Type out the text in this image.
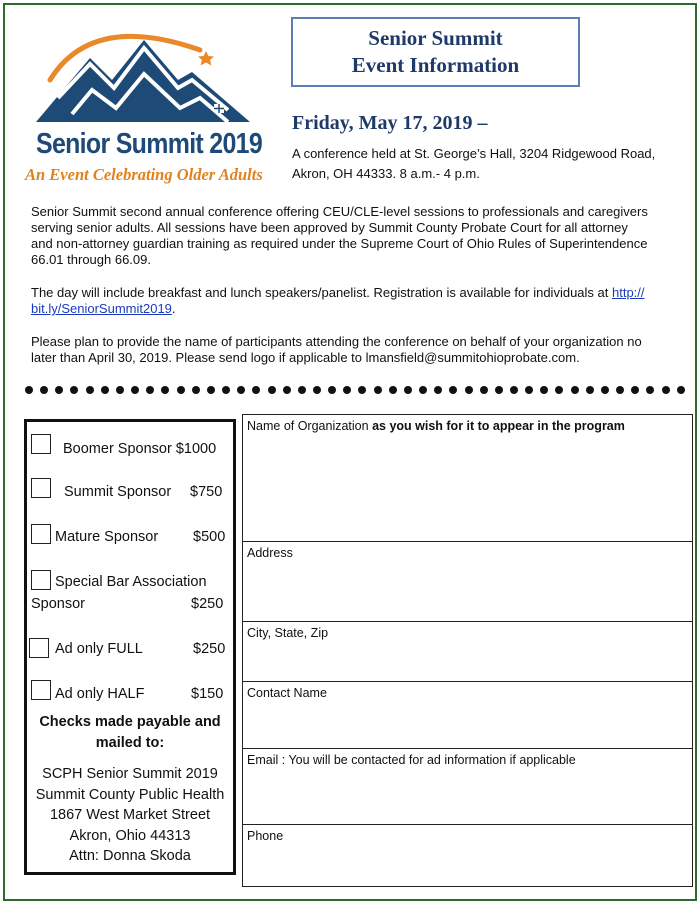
Senior Summit 2019
An Event Celebrating Older Adults
Senior Summit
Event Information
Friday, May 17, 2019 –
A conference held at St. George’s Hall, 3204 Ridgewood Road,
Akron, OH 44333. 8 a.m.- 4 p.m.
Senior Summit second annual conference offering CEU/CLE-level sessions to professionals and caregivers
serving senior adults. All sessions have been approved by Summit County Probate Court for all attorney
and non-attorney guardian training as required under the Supreme Court of Ohio Rules of Superintendence
66.01 through 66.09.
The day will include breakfast and lunch speakers/panelist. Registration is available for individuals at http://
bit.ly/SeniorSummit2019.
Please plan to provide the name of participants attending the conference on behalf of your organization no
later than April 30, 2019. Please send logo if applicable to lmansfield@summitohioprobate.com.
Boomer Sponsor $1000
Summit Sponsor $750
Mature Sponsor $500
Special Bar Association
Sponsor	$250
Ad only FULL	$250
Ad only HALF	$150
Checks made payable and
mailed to:
SCPH Senior Summit 2019
Summit County Public Health
1867 West Market Street
Akron, Ohio 44313
Attn: Donna Skoda
Name of Organization as you wish for it to appear in the program
Address
City, State, Zip
Contact Name
Email : You will be contacted for ad information if applicable
Phone
